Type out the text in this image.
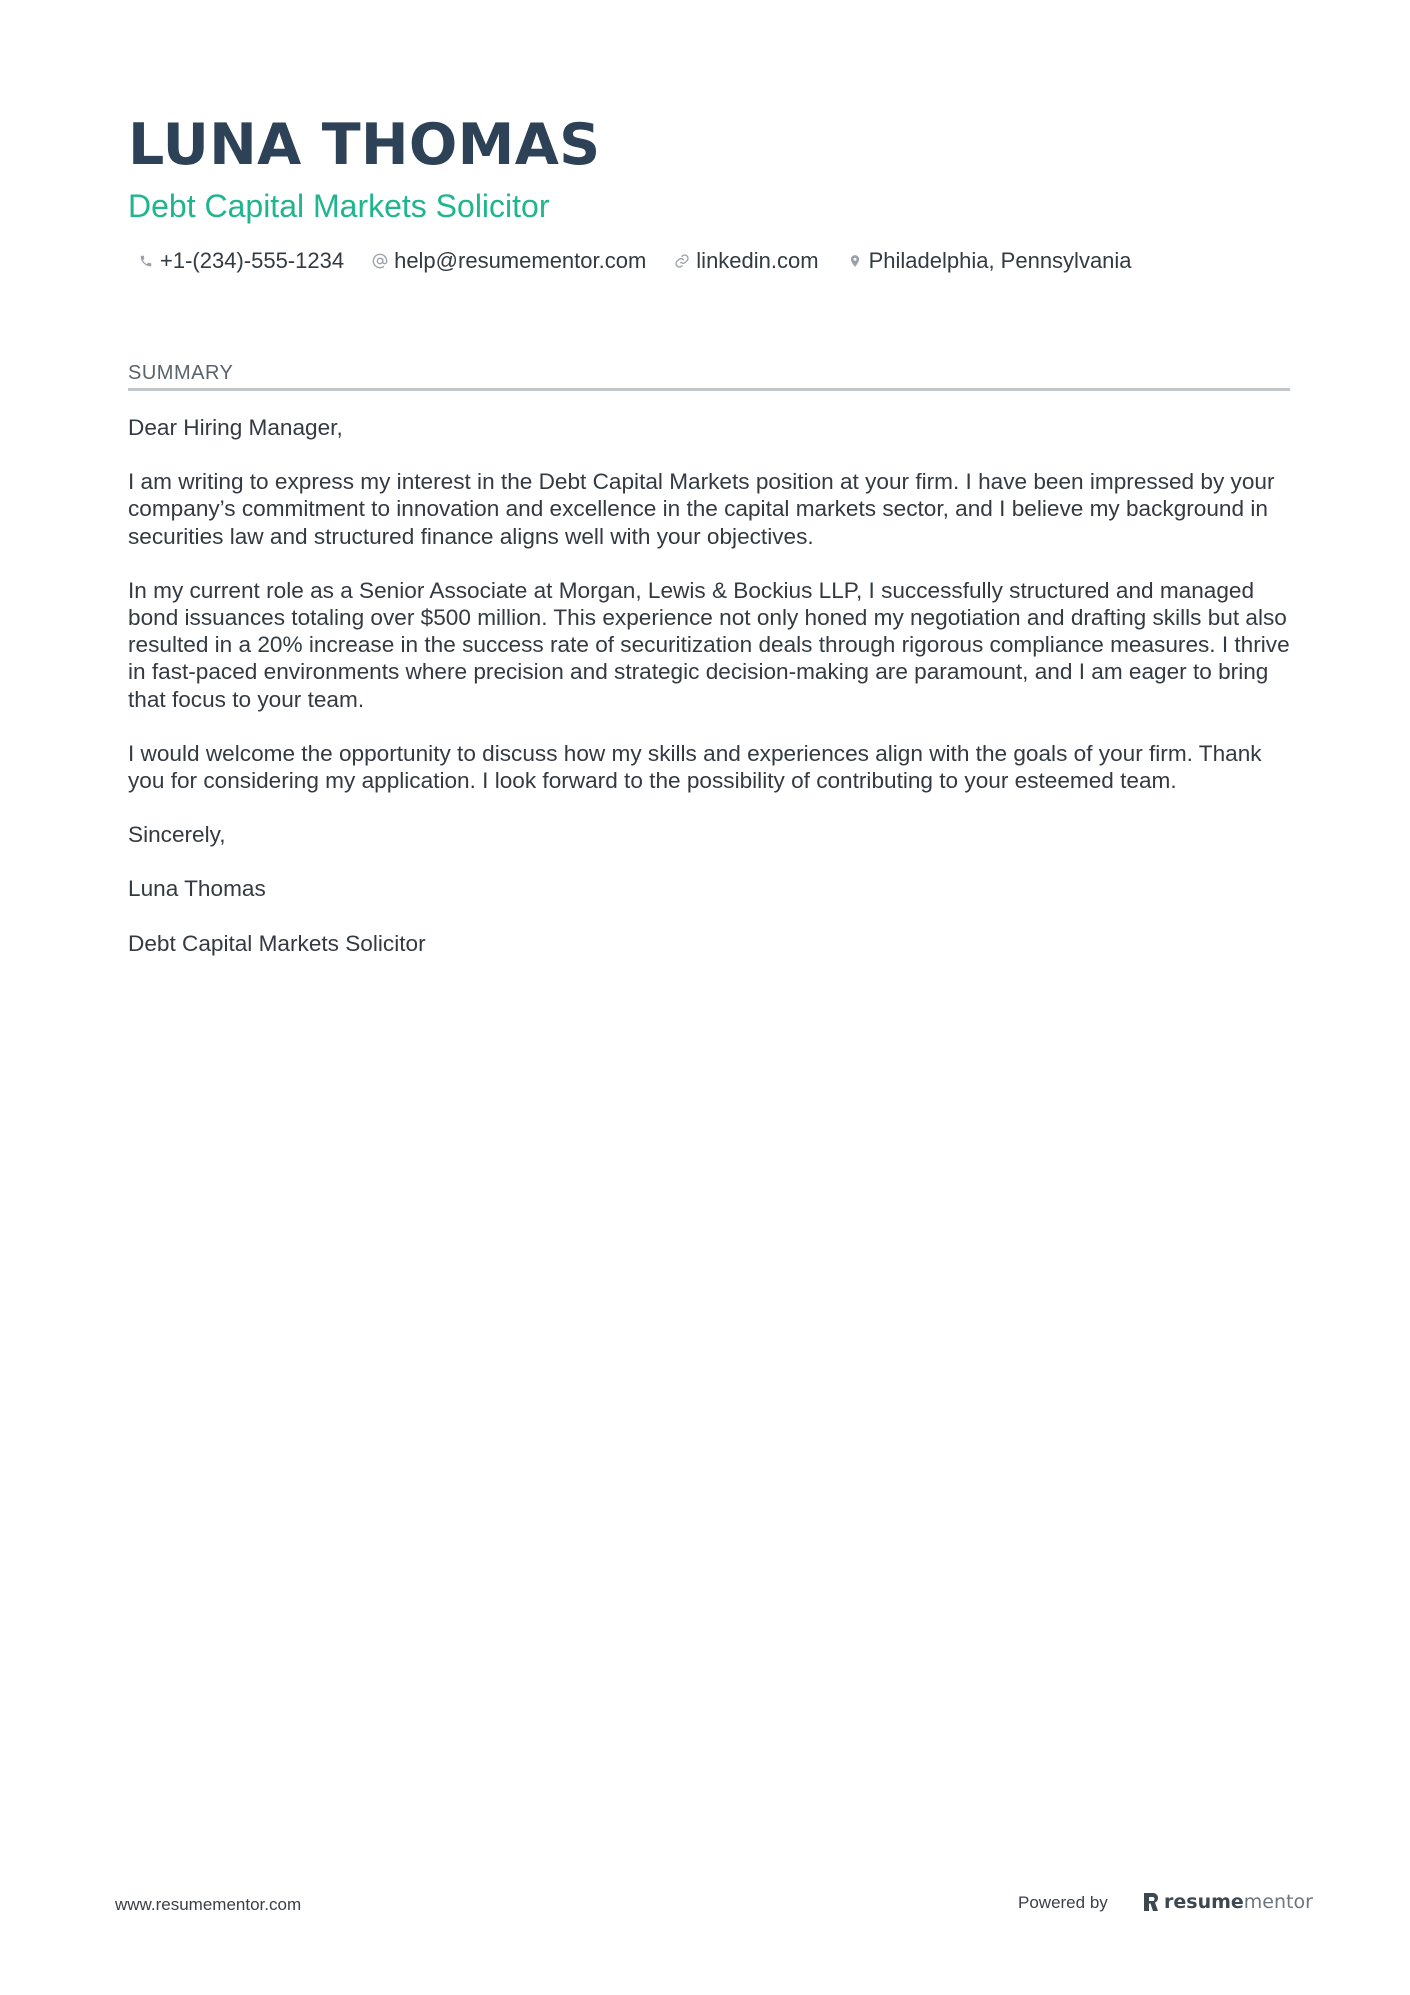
LUNA THOMAS
Debt Capital Markets Solicitor
+1-(234)-555-1234 help@resumementor.com linkedin.com Philadelphia, Pennsylvania
SUMMARY

Dear Hiring Manager,

I am writing to express my interest in the Debt Capital Markets position at your firm. I have been impressed by your company’s commitment to innovation and excellence in the capital markets sector, and I believe my background in securities law and structured finance aligns well with your objectives.

In my current role as a Senior Associate at Morgan, Lewis & Bockius LLP, I successfully structured and managed bond issuances totaling over $500 million. This experience not only honed my negotiation and drafting skills but also resulted in a 20% increase in the success rate of securitization deals through rigorous compliance measures. I thrive in fast-paced environments where precision and strategic decision-making are paramount, and I am eager to bring that focus to your team.

I would welcome the opportunity to discuss how my skills and experiences align with the goals of your firm. Thank you for considering my application. I look forward to the possibility of contributing to your esteemed team.

Sincerely,

Luna Thomas

Debt Capital Markets Solicitor

www.resumementor.com	Powered by	resume mentor
